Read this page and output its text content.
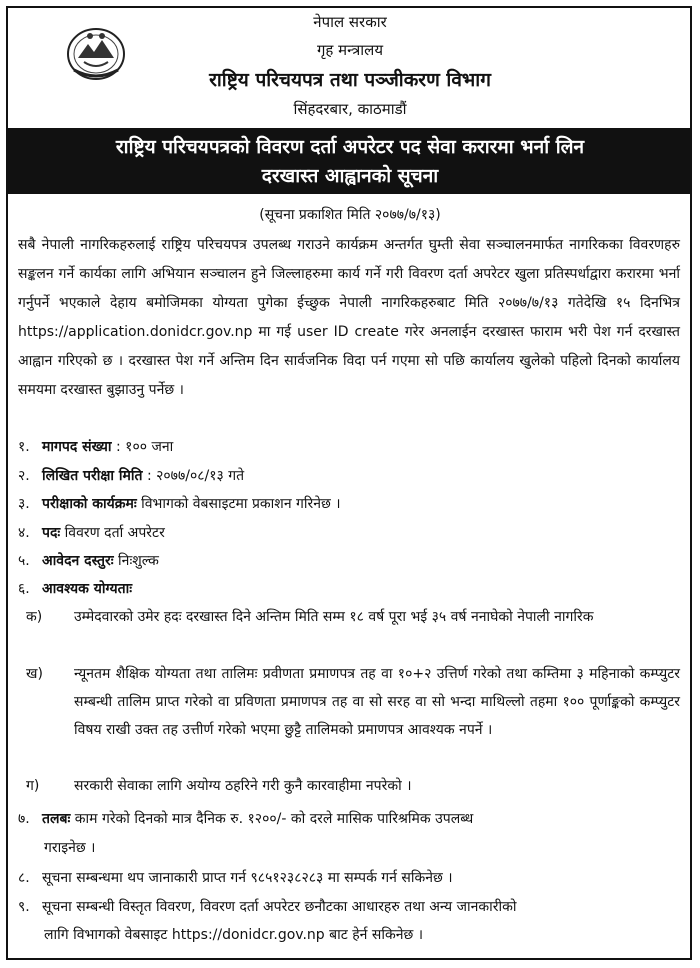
नेपाल सरकार
गृह मन्त्रालय
राष्ट्रिय परिचयपत्र तथा पञ्जीकरण विभाग
सिंहदरबार, काठमाडौं
राष्ट्रिय परिचयपत्रको विवरण दर्ता अपरेटर पद सेवा करारमा भर्ना लिन
दरखास्त आह्वानको सूचना
(सूचना प्रकाशित मिति २०७७/७/१३)
सबै नेपाली नागरिकहरुलाई राष्ट्रिय परिचयपत्र उपलब्ध गराउने कार्यक्रम अन्तर्गत घुम्ती सेवा सञ्चालनमार्फत नागरिकका विवरणहरु सङ्कलन गर्ने कार्यका लागि अभियान सञ्चालन हुने जिल्लाहरुमा कार्य गर्ने गरी विवरण दर्ता अपरेटर खुला प्रतिस्पर्धाद्वारा करारमा भर्ना गर्नुपर्ने भएकाले देहाय बमोजिमका योग्यता पुगेका ईच्छुक नेपाली नागरिकहरुबाट मिति २०७७/७/१३ गतेदेखि १५ दिनभित्र https://application.donidcr.gov.np मा गई user ID create गरेर अनलाईन दरखास्त फाराम भरी पेश गर्न दरखास्त आह्वान गरिएको छ । दरखास्त पेश गर्ने अन्तिम दिन सार्वजनिक विदा पर्न गएमा सो पछि कार्यालय खुलेको पहिलो दिनको कार्यालय समयमा दरखास्त बुझाउनु पर्नेछ ।
१. मागपद संख्या : १०० जना
२. लिखित परीक्षा मिति : २०७७/०८/१३ गते
३. परीक्षाको कार्यक्रमः विभागको वेबसाइटमा प्रकाशन गरिनेछ ।
४. पदः विवरण दर्ता अपरेटर
५. आवेदन दस्तुरः निःशुल्क
६. आवश्यक योग्यताः
क) उम्मेदवारको उमेर हदः दरखास्त दिने अन्तिम मिति सम्म १८ वर्ष पूरा भई ३५ वर्ष ननाघेको नेपाली नागरिक
ख) न्यूनतम शैक्षिक योग्यता तथा तालिमः प्रवीणता प्रमाणपत्र तह वा १०+२ उत्तिर्ण गरेको तथा कम्तिमा ३ महिनाको कम्प्युटर सम्बन्धी तालिम प्राप्त गरेको वा प्रविणता प्रमाणपत्र तह वा सो सरह वा सो भन्दा माथिल्लो तहमा १०० पूर्णाङ्कको कम्प्युटर विषय राखी उक्त तह उत्तीर्ण गरेको भएमा छुट्टै तालिमको प्रमाणपत्र आवश्यक नपर्ने ।
ग) सरकारी सेवाका लागि अयोग्य ठहरिने गरी कुनै कारवाहीमा नपरेको ।
७. तलबः काम गरेको दिनको मात्र दैनिक रु. १२००/- को दरले मासिक पारिश्रमिक उपलब्ध
गराइनेछ ।
८. सूचना सम्बन्धमा थप जानाकारी प्राप्त गर्न ९८५१२३८२८३ मा सम्पर्क गर्न सकिनेछ ।
९. सूचना सम्बन्धी विस्तृत विवरण, विवरण दर्ता अपरेटर छनौटका आधारहरु तथा अन्य जानकारीको
लागि विभागको वेबसाइट https://donidcr.gov.np बाट हेर्न सकिनेछ ।
